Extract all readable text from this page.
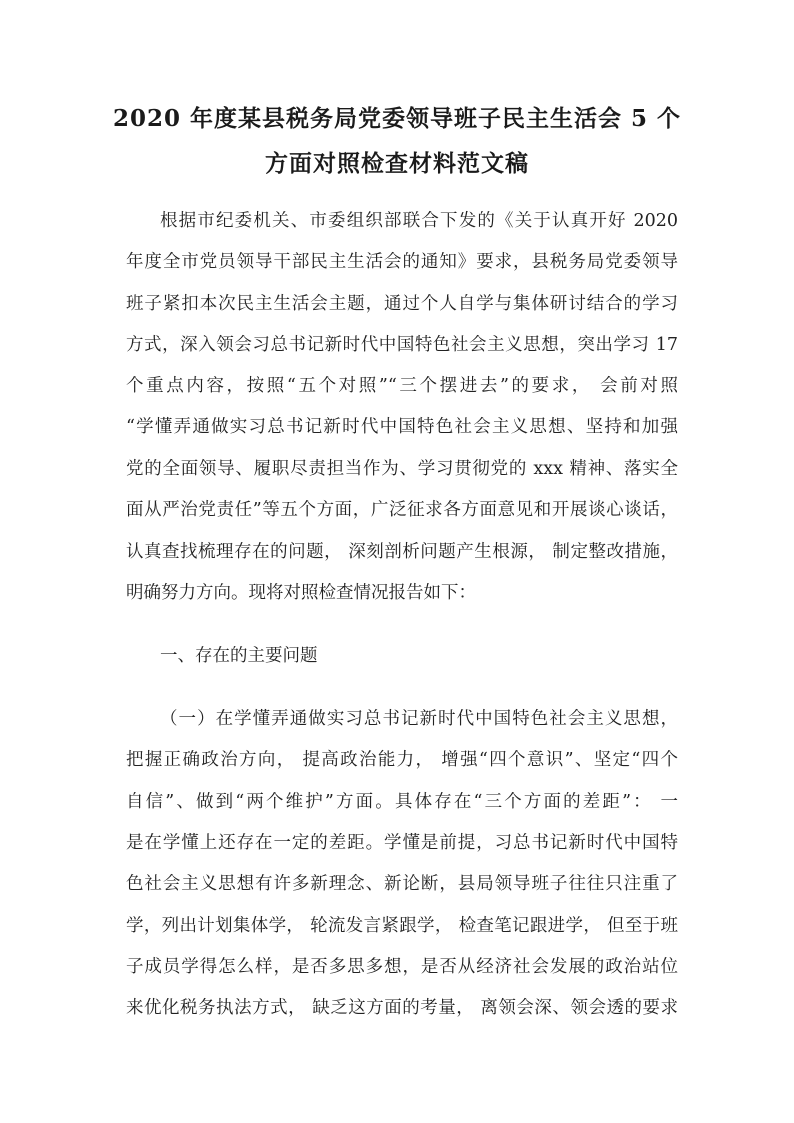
2020 年度某县税务局党委领导班子民主生活会 5 个
方面对照检查材料范文稿
根据市纪委机关、市委组织部联合下发的《关于认真开好 2020
年度全市党员领导干部民主生活会的通知》要求，县税务局党委领导
班子紧扣本次民主生活会主题，通过个人自学与集体研讨结合的学习
方式，深入领会习总书记新时代中国特色社会主义思想，突出学习 17
个重点内容，按照“五个对照”“三个摆进去”的要求， 会前对照
“学懂弄通做实习总书记新时代中国特色社会主义思想、坚持和加强
党的全面领导、履职尽责担当作为、学习贯彻党的 xxx 精神、落实全
面从严治党责任”等五个方面，广泛征求各方面意见和开展谈心谈话，
认真查找梳理存在的问题， 深刻剖析问题产生根源， 制定整改措施，
明确努力方向。现将对照检查情况报告如下：
一、存在的主要问题
（一）在学懂弄通做实习总书记新时代中国特色社会主义思想，
把握正确政治方向， 提高政治能力， 增强“四个意识”、坚定“四个
自信”、做到“两个维护”方面。具体存在“三个方面的差距”： 一
是在学懂上还存在一定的差距。学懂是前提，习总书记新时代中国特
色社会主义思想有许多新理念、新论断，县局领导班子往往只注重了
学，列出计划集体学， 轮流发言紧跟学， 检查笔记跟进学， 但至于班
子成员学得怎么样，是否多思多想，是否从经济社会发展的政治站位
来优化税务执法方式， 缺乏这方面的考量， 离领会深、领会透的要求
